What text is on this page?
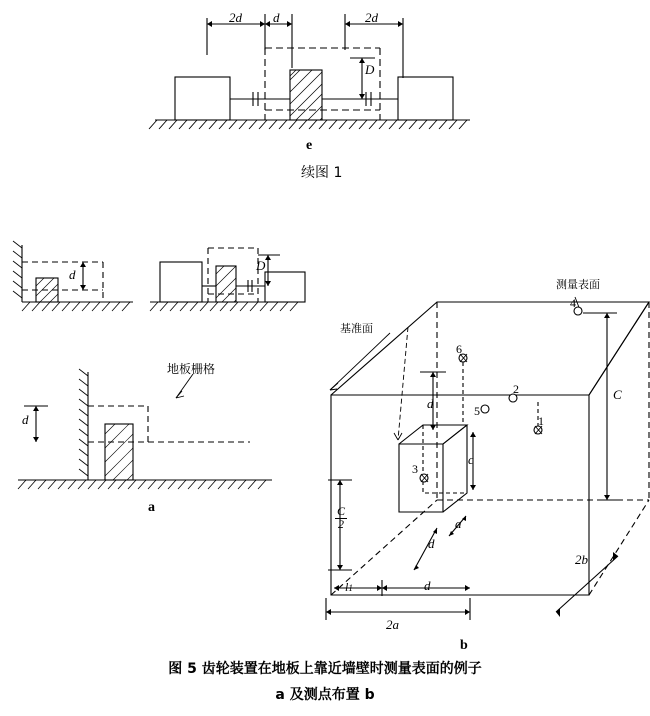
2d d	2d
D
e
续图 1
d
D
地板栅格
d
a
基准面
测量表面
4
2
5
1
6
3
C
C
2
2b
2a
d
l1
d
d
c
a
b
图 5 齿轮装置在地板上靠近墙壁时测量表面的例子
a 及测点布置 b
